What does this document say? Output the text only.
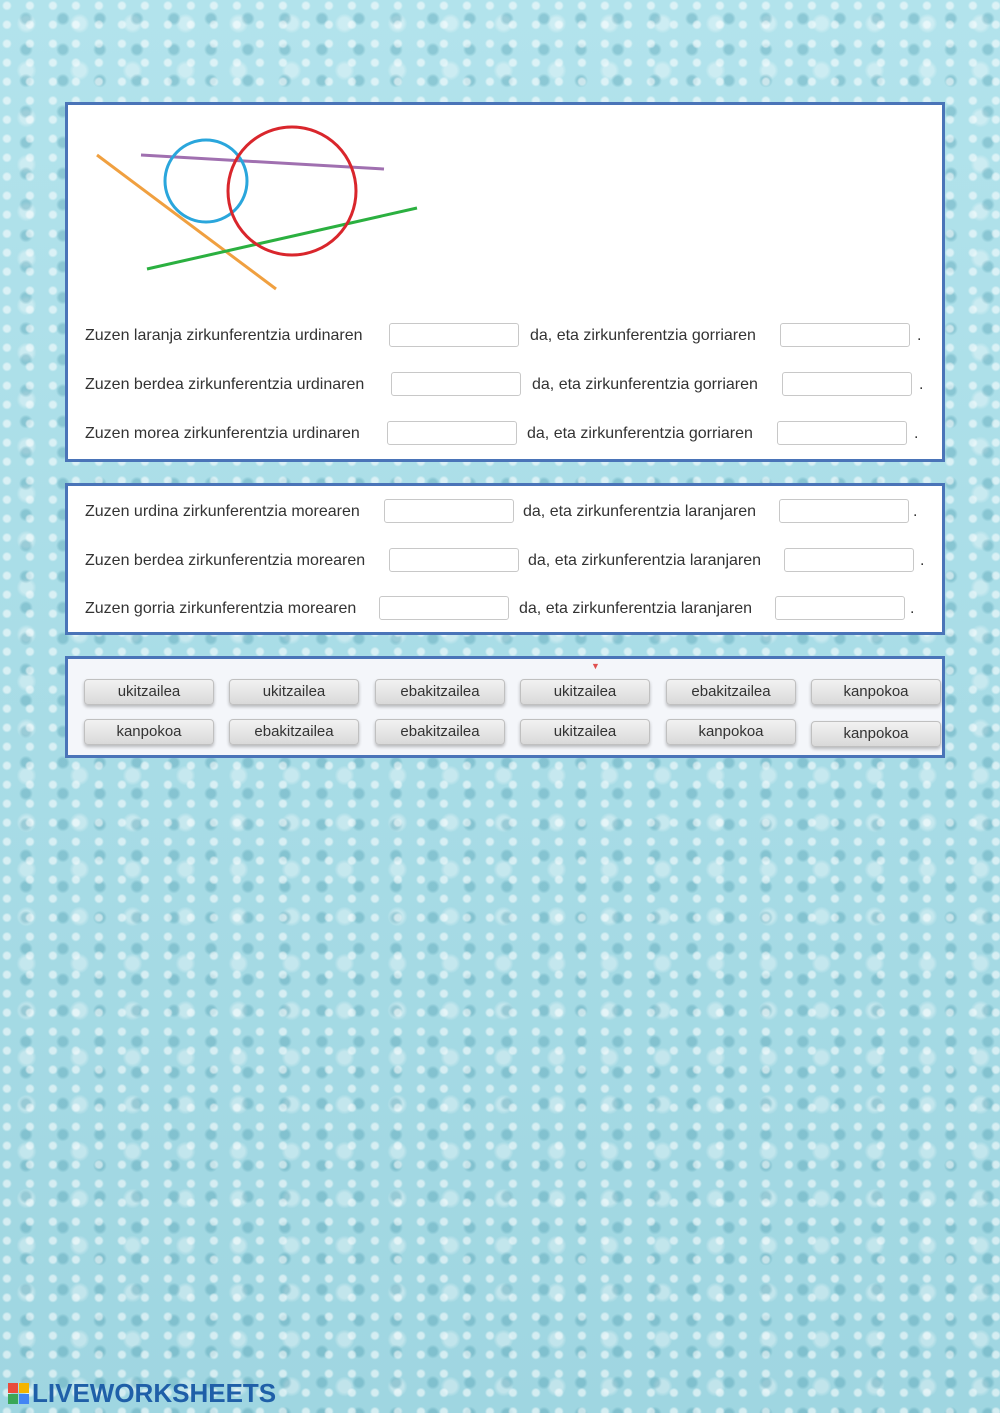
Zuzen laranja zirkunferentzia urdinaren	da, eta zirkunferentzia gorriaren	.
Zuzen berdea zirkunferentzia urdinaren	da, eta zirkunferentzia gorriaren	.
Zuzen morea zirkunferentzia urdinaren	da, eta zirkunferentzia gorriaren	.
Zuzen urdina zirkunferentzia morearen	da, eta zirkunferentzia laranjaren	.
Zuzen berdea zirkunferentzia morearen	da, eta zirkunferentzia laranjaren	.
Zuzen gorria zirkunferentzia morearen	da, eta zirkunferentzia laranjaren	.
▼
ukitzailea	ukitzailea	ebakitzailea	ukitzailea	ebakitzailea	kanpokoa
kanpokoa	ebakitzailea	ebakitzailea	ukitzailea	kanpokoa	kanpokoa
LIVEWORKSHEETS
